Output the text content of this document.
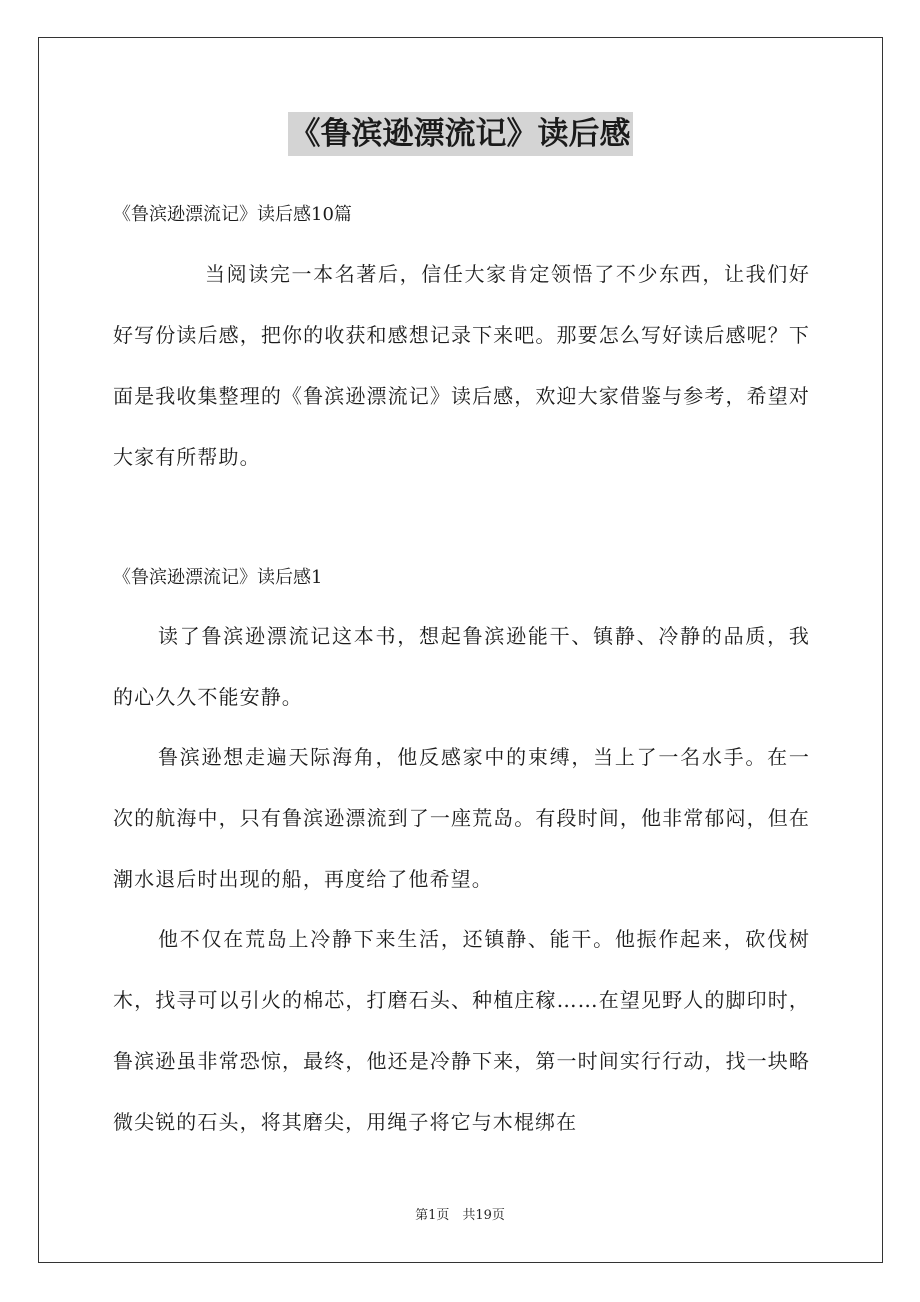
《鲁滨逊漂流记》读后感
《鲁滨逊漂流记》读后感10篇

当阅读完一本名著后，信任大家肯定领悟了不少东西，让我们好好写份读后感，把你的收获和感想记录下来吧。那要怎么写好读后感呢？下面是我收集整理的《鲁滨逊漂流记》读后感，欢迎大家借鉴与参考，希望对大家有所帮助。

《鲁滨逊漂流记》读后感1

读了鲁滨逊漂流记这本书，想起鲁滨逊能干、镇静、冷静的品质，我的心久久不能安静。

鲁滨逊想走遍天际海角，他反感家中的束缚，当上了一名水手。在一次的航海中，只有鲁滨逊漂流到了一座荒岛。有段时间，他非常郁闷，但在潮水退后时出现的船，再度给了他希望。

他不仅在荒岛上冷静下来生活，还镇静、能干。他振作起来，砍伐树木，找寻可以引火的棉芯，打磨石头、种植庄稼……在望见野人的脚印时，鲁滨逊虽非常恐惊，最终，他还是冷静下来，第一时间实行行动，找一块略微尖锐的石头，将其磨尖，用绳子将它与木棍绑在

第1页　共19页
